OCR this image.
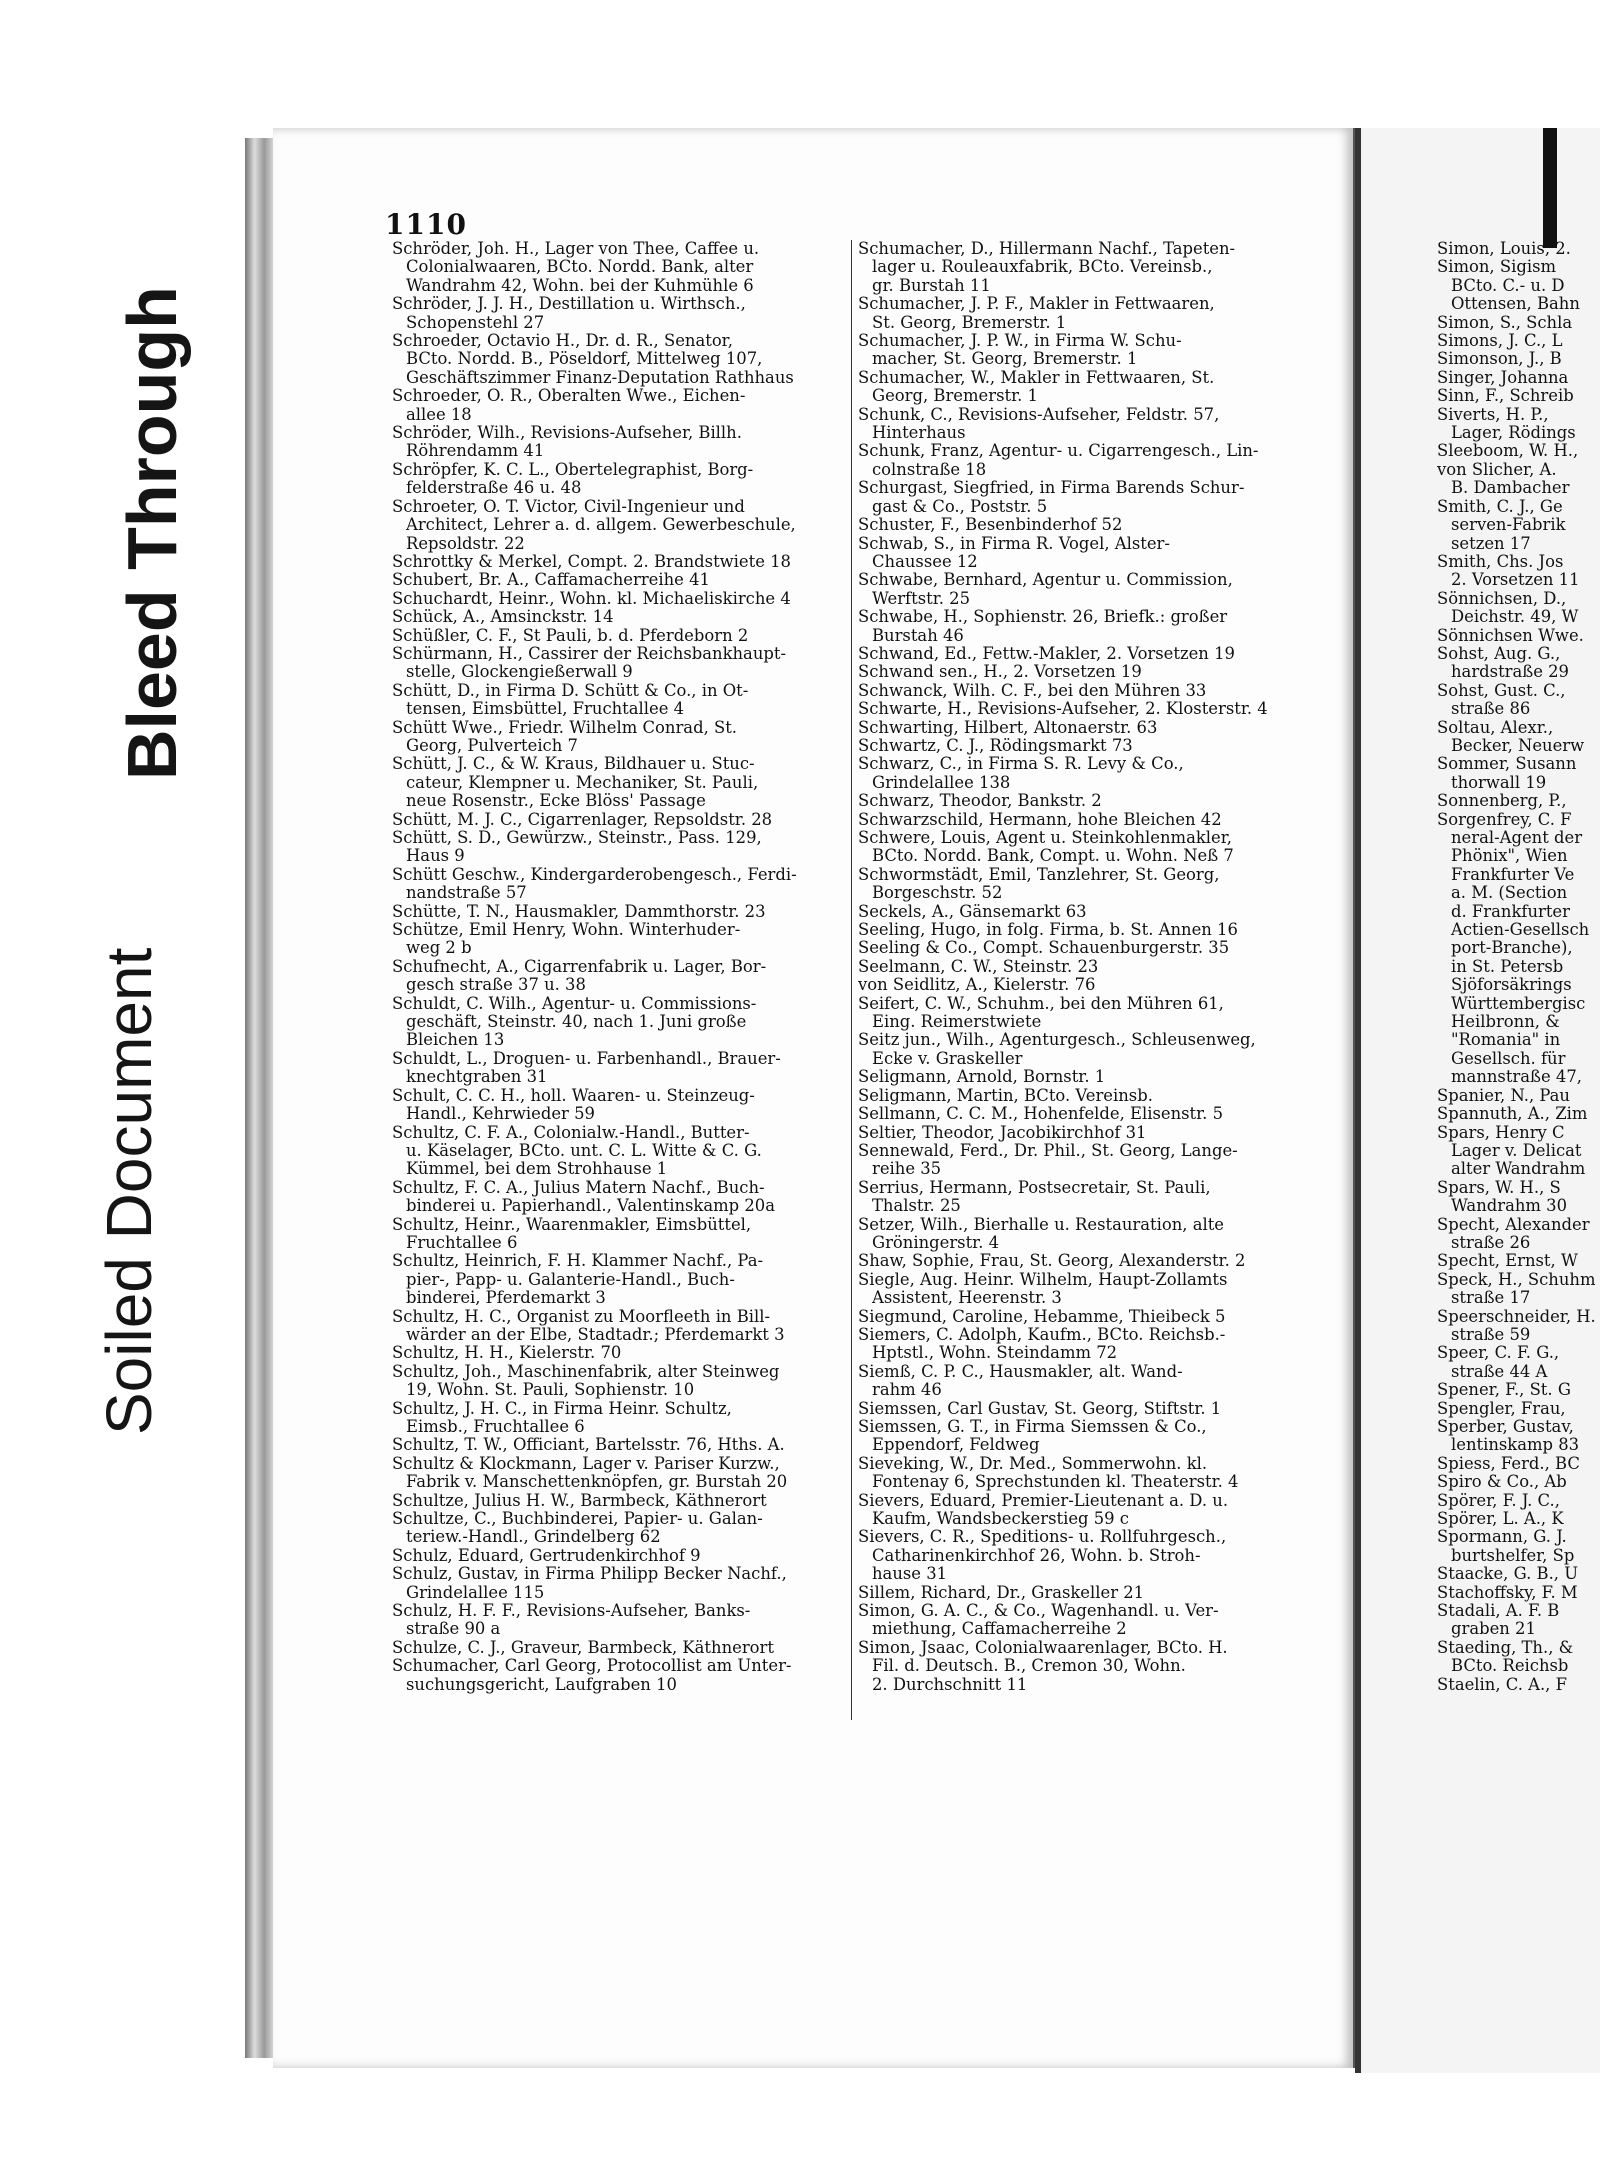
Soiled Document
Bleed Through
1110
Schröder, Joh. H., Lager von Thee, Caffee u.
Colonialwaaren, BCto. Nordd. Bank, alter
Wandrahm 42, Wohn. bei der Kuhmühle 6
Schröder, J. J. H., Destillation u. Wirthsch.,
Schopenstehl 27
Schroeder, Octavio H., Dr. d. R., Senator,
BCto. Nordd. B., Pöseldorf, Mittelweg 107,
Geschäftszimmer Finanz-Deputation Rathhaus
Schroeder, O. R., Oberalten Wwe., Eichen-
allee 18
Schröder, Wilh., Revisions-Aufseher, Billh.
Röhrendamm 41
Schröpfer, K. C. L., Obertelegraphist, Borg-
felderstraße 46 u. 48
Schroeter, O. T. Victor, Civil-Ingenieur und
Architect, Lehrer a. d. allgem. Gewerbeschule,
Repsoldstr. 22
Schrottky & Merkel, Compt. 2. Brandstwiete 18
Schubert, Br. A., Caffamacherreihe 41
Schuchardt, Heinr., Wohn. kl. Michaeliskirche 4
Schück, A., Amsinckstr. 14
Schüßler, C. F., St Pauli, b. d. Pferdeborn 2
Schürmann, H., Cassirer der Reichsbankhaupt-
stelle, Glockengießerwall 9
Schütt, D., in Firma D. Schütt & Co., in Ot-
tensen, Eimsbüttel, Fruchtallee 4
Schütt Wwe., Friedr. Wilhelm Conrad, St.
Georg, Pulverteich 7
Schütt, J. C., & W. Kraus, Bildhauer u. Stuc-
cateur, Klempner u. Mechaniker, St. Pauli,
neue Rosenstr., Ecke Blöss' Passage
Schütt, M. J. C., Cigarrenlager, Repsoldstr. 28
Schütt, S. D., Gewürzw., Steinstr., Pass. 129,
Haus 9
Schütt Geschw., Kindergarderobengesch., Ferdi-
nandstraße 57
Schütte, T. N., Hausmakler, Dammthorstr. 23
Schütze, Emil Henry, Wohn. Winterhuder-
weg 2 b
Schufnecht, A., Cigarrenfabrik u. Lager, Bor-
gesch straße 37 u. 38
Schuldt, C. Wilh., Agentur- u. Commissions-
geschäft, Steinstr. 40, nach 1. Juni große
Bleichen 13
Schuldt, L., Droguen- u. Farbenhandl., Brauer-
knechtgraben 31
Schult, C. C. H., holl. Waaren- u. Steinzeug-
Handl., Kehrwieder 59
Schultz, C. F. A., Colonialw.-Handl., Butter-
u. Käselager, BCto. unt. C. L. Witte & C. G.
Kümmel, bei dem Strohhause 1
Schultz, F. C. A., Julius Matern Nachf., Buch-
binderei u. Papierhandl., Valentinskamp 20a
Schultz, Heinr., Waarenmakler, Eimsbüttel,
Fruchtallee 6
Schultz, Heinrich, F. H. Klammer Nachf., Pa-
pier-, Papp- u. Galanterie-Handl., Buch-
binderei, Pferdemarkt 3
Schultz, H. C., Organist zu Moorfleeth in Bill-
wärder an der Elbe, Stadtadr.; Pferdemarkt 3
Schultz, H. H., Kielerstr. 70
Schultz, Joh., Maschinenfabrik, alter Steinweg
19, Wohn. St. Pauli, Sophienstr. 10
Schultz, J. H. C., in Firma Heinr. Schultz,
Eimsb., Fruchtallee 6
Schultz, T. W., Officiant, Bartelsstr. 76, Hths. A.
Schultz & Klockmann, Lager v. Pariser Kurzw.,
Fabrik v. Manschettenknöpfen, gr. Burstah 20
Schultze, Julius H. W., Barmbeck, Käthnerort
Schultze, C., Buchbinderei, Papier- u. Galan-
teriew.-Handl., Grindelberg 62
Schulz, Eduard, Gertrudenkirchhof 9
Schulz, Gustav, in Firma Philipp Becker Nachf.,
Grindelallee 115
Schulz, H. F. F., Revisions-Aufseher, Banks-
straße 90 a
Schulze, C. J., Graveur, Barmbeck, Käthnerort
Schumacher, Carl Georg, Protocollist am Unter-
suchungsgericht, Laufgraben 10
Schumacher, D., Hillermann Nachf., Tapeten-
lager u. Rouleauxfabrik, BCto. Vereinsb.,
gr. Burstah 11
Schumacher, J. P. F., Makler in Fettwaaren,
St. Georg, Bremerstr. 1
Schumacher, J. P. W., in Firma W. Schu-
macher, St. Georg, Bremerstr. 1
Schumacher, W., Makler in Fettwaaren, St.
Georg, Bremerstr. 1
Schunk, C., Revisions-Aufseher, Feldstr. 57,
Hinterhaus
Schunk, Franz, Agentur- u. Cigarrengesch., Lin-
colnstraße 18
Schurgast, Siegfried, in Firma Barends Schur-
gast & Co., Poststr. 5
Schuster, F., Besenbinderhof 52
Schwab, S., in Firma R. Vogel, Alster-
Chaussee 12
Schwabe, Bernhard, Agentur u. Commission,
Werftstr. 25
Schwabe, H., Sophienstr. 26, Briefk.: großer
Burstah 46
Schwand, Ed., Fettw.-Makler, 2. Vorsetzen 19
Schwand sen., H., 2. Vorsetzen 19
Schwanck, Wilh. C. F., bei den Mühren 33
Schwarte, H., Revisions-Aufseher, 2. Klosterstr. 4
Schwarting, Hilbert, Altonaerstr. 63
Schwartz, C. J., Rödingsmarkt 73
Schwarz, C., in Firma S. R. Levy & Co.,
Grindelallee 138
Schwarz, Theodor, Bankstr. 2
Schwarzschild, Hermann, hohe Bleichen 42
Schwere, Louis, Agent u. Steinkohlenmakler,
BCto. Nordd. Bank, Compt. u. Wohn. Neß 7
Schwormstädt, Emil, Tanzlehrer, St. Georg,
Borgeschstr. 52
Seckels, A., Gänsemarkt 63
Seeling, Hugo, in folg. Firma, b. St. Annen 16
Seeling & Co., Compt. Schauenburgerstr. 35
Seelmann, C. W., Steinstr. 23
von Seidlitz, A., Kielerstr. 76
Seifert, C. W., Schuhm., bei den Mühren 61,
Eing. Reimerstwiete
Seitz jun., Wilh., Agenturgesch., Schleusenweg,
Ecke v. Graskeller
Seligmann, Arnold, Bornstr. 1
Seligmann, Martin, BCto. Vereinsb.
Sellmann, C. C. M., Hohenfelde, Elisenstr. 5
Seltier, Theodor, Jacobikirchhof 31
Sennewald, Ferd., Dr. Phil., St. Georg, Lange-
reihe 35
Serrius, Hermann, Postsecretair, St. Pauli,
Thalstr. 25
Setzer, Wilh., Bierhalle u. Restauration, alte
Gröningerstr. 4
Shaw, Sophie, Frau, St. Georg, Alexanderstr. 2
Siegle, Aug. Heinr. Wilhelm, Haupt-Zollamts
Assistent, Heerenstr. 3
Siegmund, Caroline, Hebamme, Thieibeck 5
Siemers, C. Adolph, Kaufm., BCto. Reichsb.-
Hptstl., Wohn. Steindamm 72
Siemß, C. P. C., Hausmakler, alt. Wand-
rahm 46
Siemssen, Carl Gustav, St. Georg, Stiftstr. 1
Siemssen, G. T., in Firma Siemssen & Co.,
Eppendorf, Feldweg
Sieveking, W., Dr. Med., Sommerwohn. kl.
Fontenay 6, Sprechstunden kl. Theaterstr. 4
Sievers, Eduard, Premier-Lieutenant a. D. u.
Kaufm, Wandsbeckerstieg 59 c
Sievers, C. R., Speditions- u. Rollfuhrgesch.,
Catharinenkirchhof 26, Wohn. b. Stroh-
hause 31
Sillem, Richard, Dr., Graskeller 21
Simon, G. A. C., & Co., Wagenhandl. u. Ver-
miethung, Caffamacherreihe 2
Simon, Jsaac, Colonialwaarenlager, BCto. H.
Fil. d. Deutsch. B., Cremon 30, Wohn.
2. Durchschnitt 11
Simon, Louis, 2.
Simon, Sigism
BCto. C.- u. D
Ottensen, Bahn
Simon, S., Schla
Simons, J. C., L
Simonson, J., B
Singer, Johanna
Sinn, F., Schreib
Siverts, H. P.,
Lager, Rödings
Sleeboom, W. H.,
von Slicher, A.
B. Dambacher
Smith, C. J., Ge
serven-Fabrik
setzen 17
Smith, Chs. Jos
2. Vorsetzen 11
Sönnichsen, D.,
Deichstr. 49, W
Sönnichsen Wwe.
Sohst, Aug. G.,
hardstraße 29
Sohst, Gust. C.,
straße 86
Soltau, Alexr.,
Becker, Neuerw
Sommer, Susann
thorwall 19
Sonnenberg, P.,
Sorgenfrey, C. F
neral-Agent der
Phönix", Wien
Frankfurter Ve
a. M. (Section
d. Frankfurter
Actien-Gesellsch
port-Branche),
in St. Petersb
Sjöforsäkrings
Württembergisc
Heilbronn, &
"Romania" in
Gesellsch. für
mannstraße 47,
Spanier, N., Pau
Spannuth, A., Zim
Spars, Henry C
Lager v. Delicat
alter Wandrahm
Spars, W. H., S
Wandrahm 30
Specht, Alexander
straße 26
Specht, Ernst, W
Speck, H., Schuhm
straße 17
Speerschneider, H.
straße 59
Speer, C. F. G.,
straße 44 A
Spener, F., St. G
Spengler, Frau,
Sperber, Gustav,
lentinskamp 83
Spiess, Ferd., BC
Spiro & Co., Ab
Spörer, F. J. C.,
Spörer, L. A., K
Spormann, G. J.
burtshelfer, Sp
Staacke, G. B., U
Stachoffsky, F. M
Stadali, A. F. B
graben 21
Staeding, Th., &
BCto. Reichsb
Staelin, C. A., F
